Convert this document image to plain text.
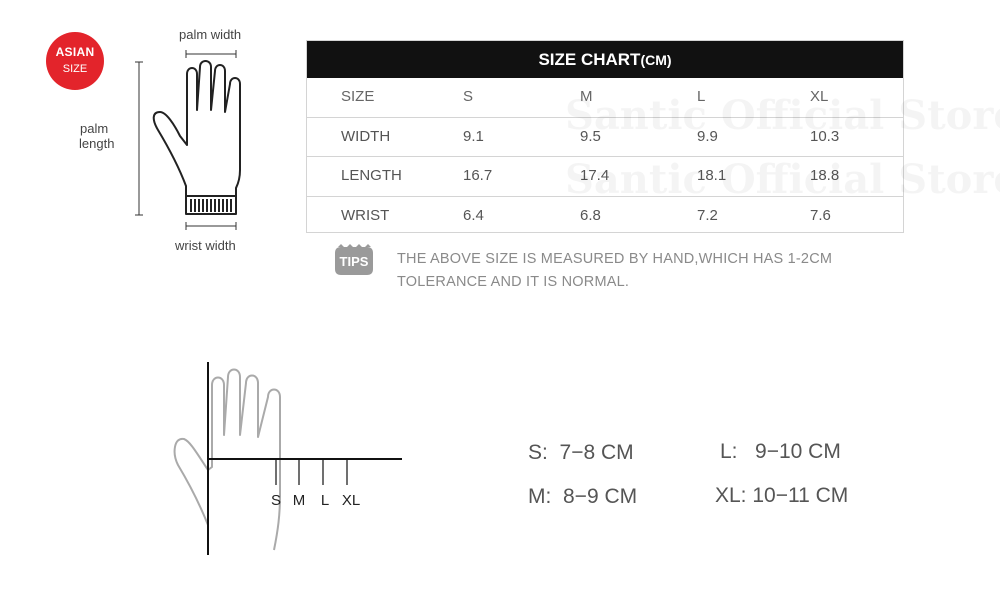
ASIAN
SIZE
palm width
palm
length
wrist width
SIZE CHART(CM)
SIZE	S	M	L	XL
WIDTH	9.1	9.5	9.9	10.3
LENGTH	16.7	17.4	18.1	18.8
WRIST	6.4	6.8	7.2	7.6
TIPS THE ABOVE SIZE IS MEASURED BY HAND,WHICH HAS 1-2CM
TOLERANCE AND IT IS NORMAL.
S M L XL
S: 7−8 CM
M: 8−9 CM
L: 9−10 CM
XL: 10−11 CM
